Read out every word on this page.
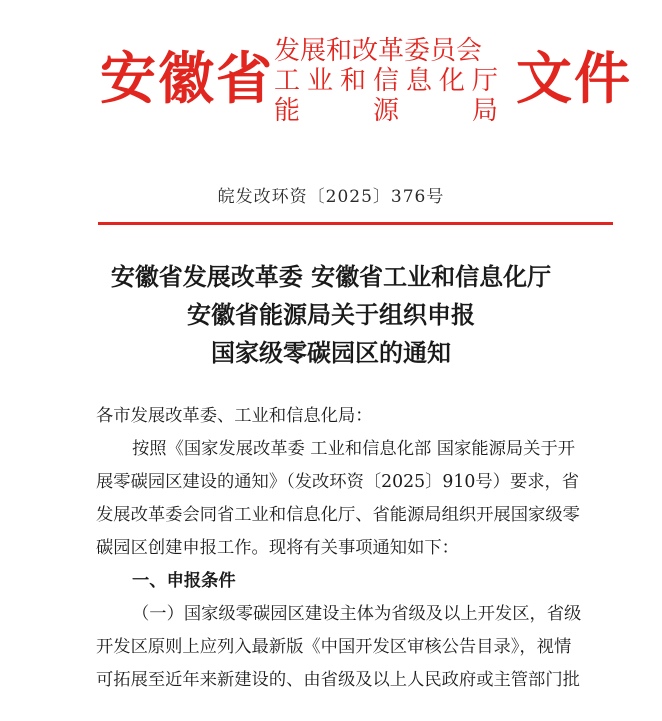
安徽省 发展和改革委员会
工 业 和 信 息 化 厅
能	源	局 文件
皖发改环资〔2025〕376号
安徽省发展改革委 安徽省工业和信息化厅
安徽省能源局关于组织申报
国家级零碳园区的通知

各市发展改革委、工业和信息化局：

按照《国家发展改革委 工业和信息化部 国家能源局关于开

展零碳园区建设的通知》（发改环资〔2025〕910号）要求，省

发展改革委会同省工业和信息化厅、省能源局组织开展国家级零

碳园区创建申报工作。现将有关事项通知如下：

一、申报条件

（一）国家级零碳园区建设主体为省级及以上开发区，省级

开发区原则上应列入最新版《中国开发区审核公告目录》，视情

可拓展至近年来新建设的、由省级及以上人民政府或主管部门批
